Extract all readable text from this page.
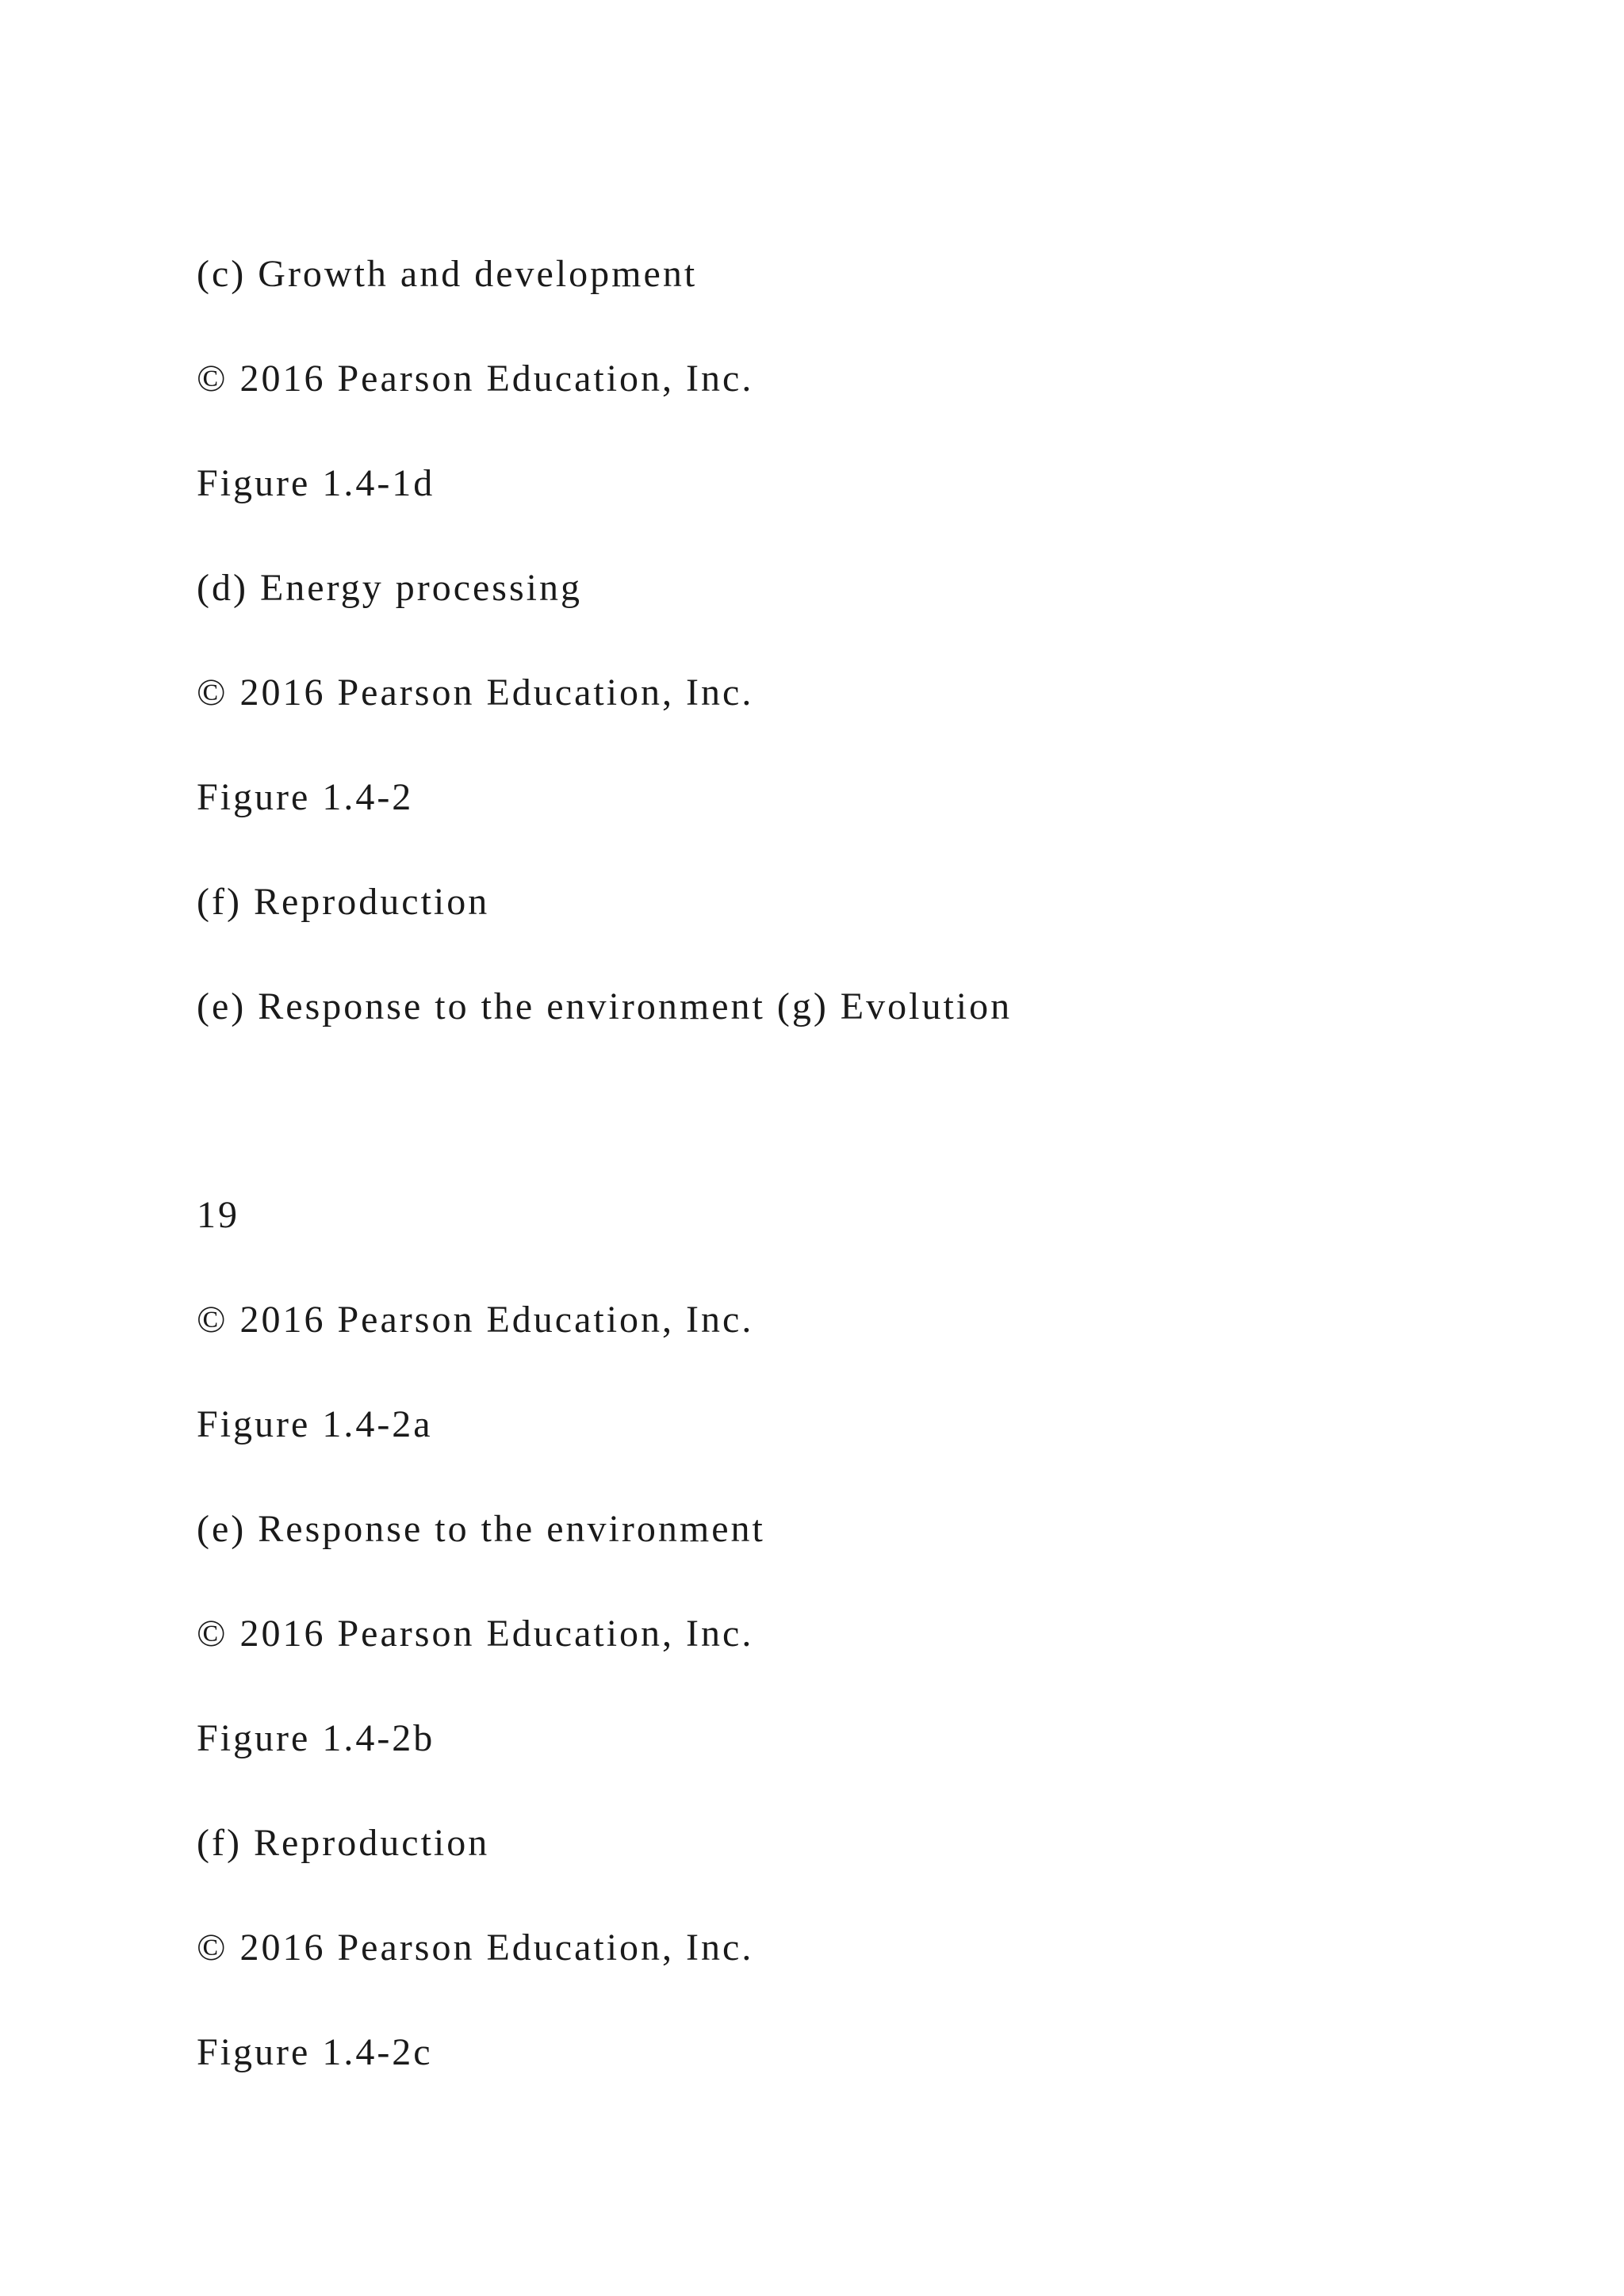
(c) Growth and development

© 2016 Pearson Education, Inc.

Figure 1.4-1d

(d) Energy processing

© 2016 Pearson Education, Inc.

Figure 1.4-2

(f) Reproduction

(e) Response to the environment (g) Evolution

19

© 2016 Pearson Education, Inc.

Figure 1.4-2a

(e) Response to the environment

© 2016 Pearson Education, Inc.

Figure 1.4-2b

(f) Reproduction

© 2016 Pearson Education, Inc.

Figure 1.4-2c
